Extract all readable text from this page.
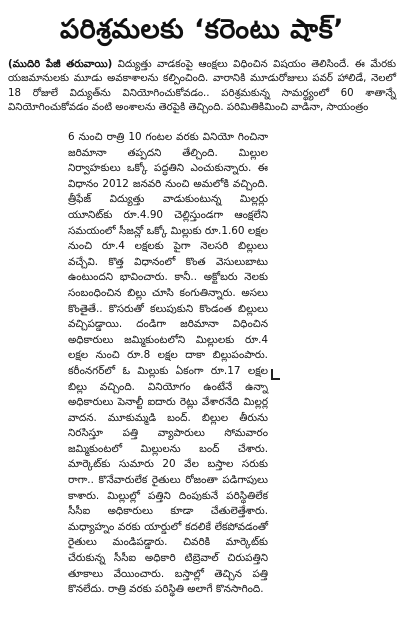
పరిశ్రమలకు ‘కరెంటు షాక్’
(ముదిరి పేజీ తరువాయి) విద్యుత్తు వాడకంపై ఆంక్షలు విధించిన విషయం తెలిసిందే. ఈ మేరకు యజమానులకు మూడు అవకాశాలను కల్పించింది. వారానికి మూడురోజులు పవర్ హాలిడే, నెలలో 18 రోజులే విద్యుత్‌ను వినియోగించుకోవడం.. పరిశ్రమకున్న సామర్థ్యంలో 60 శాతాన్నే వినియోగించుకోవడం వంటి అంశాలను తెరపైకి తెచ్చింది. పరిమితికిమించి వాడినా, సాయంత్రం

6 నుంచి రాత్రి 10 గంటల వరకు వినియో గించినా జరిమానా తప్పదని తేల్చింది. మిల్లుల నిర్వాహకులు ఒక్కో పద్ధతిని ఎంచుకున్నారు. ఈ విధానం 2012 జనవరి నుంచి అమలోకి వచ్చింది. త్రీఫేజ్ విద్యుత్తు వాడుకుంటున్న మిల్లర్లు యూనిట్‌కు రూ.4.90 చెల్లిస్తుండగా ఆంక్షలేని సమయంలో సీజన్లో ఒక్కో మిల్లుకు రూ.1.60 లక్షల నుంచి రూ.4 లక్షలకు పైగా నెలసరి బిల్లులు వచ్చేవి. కొత్త విధానంలో కొంత వెసులుబాటు ఉంటుందని భావించారు. కానీ.. అక్టోబరు నెలకు సంబంధించిన బిల్లు చూసి కంగుతిన్నారు. అసలు కొంతైతే.. కొసరుతో కలుపుకుని కొండంత బిల్లులు వచ్చిపడ్డాయి. దండిగా జరిమానా విధించిన అధికారులు జమ్మికుంటలోని మిల్లులకు రూ.4 లక్షల నుంచి రూ.8 లక్షల దాకా బిల్లుపంపారు. కరీంనగర్‌లో ఓ మిల్లుకు ఏకంగా రూ.17 లక్షల బిల్లు వచ్చింది. వినియోగం ఉంటేనే ఉన్నా అధికారులు పెనాల్టీ ఐదారు రెట్లు వేశారనేది మిల్లర్ల వాదన. మూకుమ్మడి బంద్. బిల్లుల తీరును నిరసిస్తూ పత్తి వ్యాపారులు సోమవారం జమ్మికుంటలో మిల్లులను బంద్ చేశారు. మార్కెట్‌కు సుమారు 20 వేల బస్తాల సరుకు రాగా.. కొనేవారులేక రైతులు రోజంతా పడిగాపులు కాశారు. మిల్లుల్లో పత్తిని దింపుకునే పరిస్థితిలేక సీసీఐ అధికారులు కూడా చేతులెత్తేశారు. మధ్యాహ్నం వరకు యార్డులో కదలికే లేకపోవడంతో రైతులు మండిపడ్డారు. చివరికి మార్కెట్‌కు చేరుకున్న సీసీఐ అధికారి టిబ్రెవాల్ చిరుపత్తిని తూకాలు వేయించారు. బస్తాల్లో తెచ్చిన పత్తి కొనలేదు. రాత్రి వరకు పరిస్థితి అలాగే కొనసాగింది.
